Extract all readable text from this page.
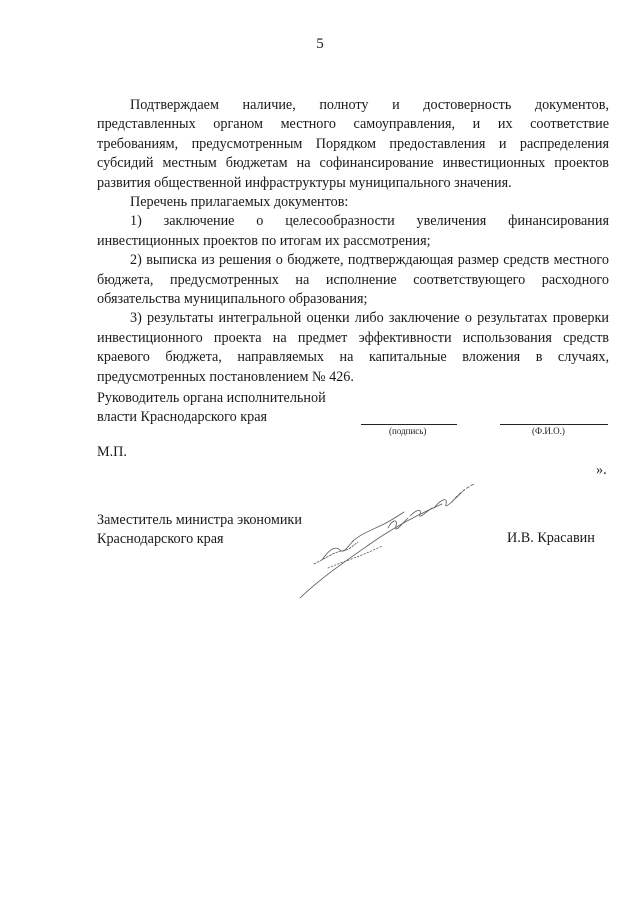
5

Подтверждаем наличие, полноту и достоверность документов, представленных органом местного самоуправления, и их соответствие требованиям, предусмотренным Порядком предоставления и распределения субсидий местным бюджетам на софинансирование инвестиционных проектов развития общественной инфраструктуры муниципального значения.

Перечень прилагаемых документов:

1) заключение о целесообразности увеличения финансирования инвестиционных проектов по итогам их рассмотрения;

2) выписка из решения о бюджете, подтверждающая размер средств местного бюджета, предусмотренных на исполнение соответствующего расходного обязательства муниципального образования;

3) результаты интегральной оценки либо заключение о результатах проверки инвестиционного проекта на предмет эффективности использования средств краевого бюджета, направляемых на капитальные вложения в случаях, предусмотренных постановлением № 426.

Руководитель органа исполнительной
власти Краснодарского края
(подпись)	(Ф.И.О.)
М.П.
».
Заместитель министра экономики
Краснодарского края	И.В. Красавин
